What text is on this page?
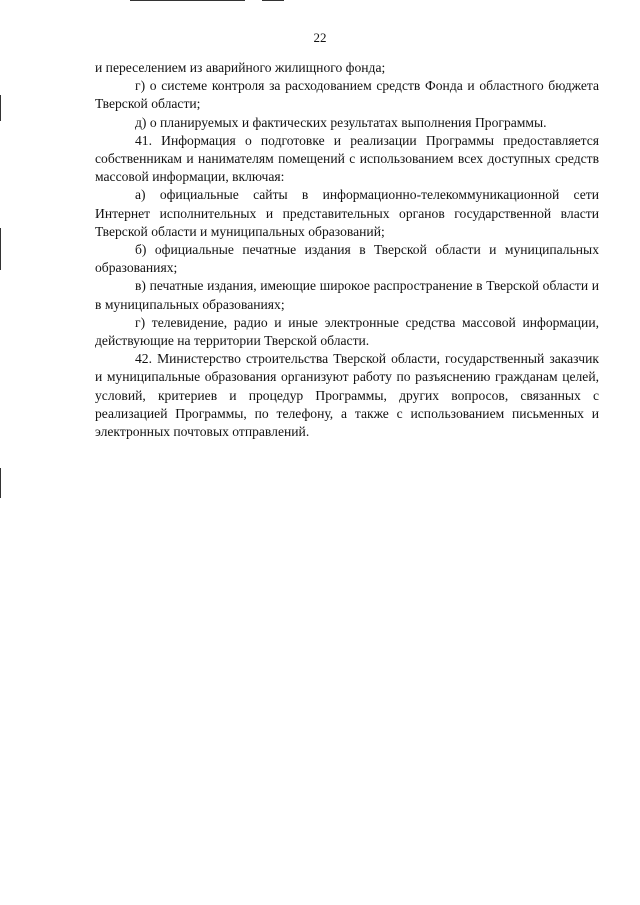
22

и переселением из аварийного жилищного фонда;

г) о системе контроля за расходованием средств Фонда и областного бюджета Тверской области;

д) о планируемых и фактических результатах выполнения Программы.

41. Информация о подготовке и реализации Программы предоставляется собственникам и нанимателям помещений с использованием всех доступных средств массовой информации, включая:

а) официальные сайты в информационно-телекоммуникационной сети Интернет исполнительных и представительных органов государственной власти Тверской области и муниципальных образований;

б) официальные печатные издания в Тверской области и муниципальных образованиях;

в) печатные издания, имеющие широкое распространение в Тверской области и в муниципальных образованиях;

г) телевидение, радио и иные электронные средства массовой информации, действующие на территории Тверской области.

42. Министерство строительства Тверской области, государственный заказчик и муниципальные образования организуют работу по разъяснению гражданам целей, условий, критериев и процедур Программы, других вопросов, связанных с реализацией Программы, по телефону, а также с использованием письменных и электронных почтовых отправлений.
